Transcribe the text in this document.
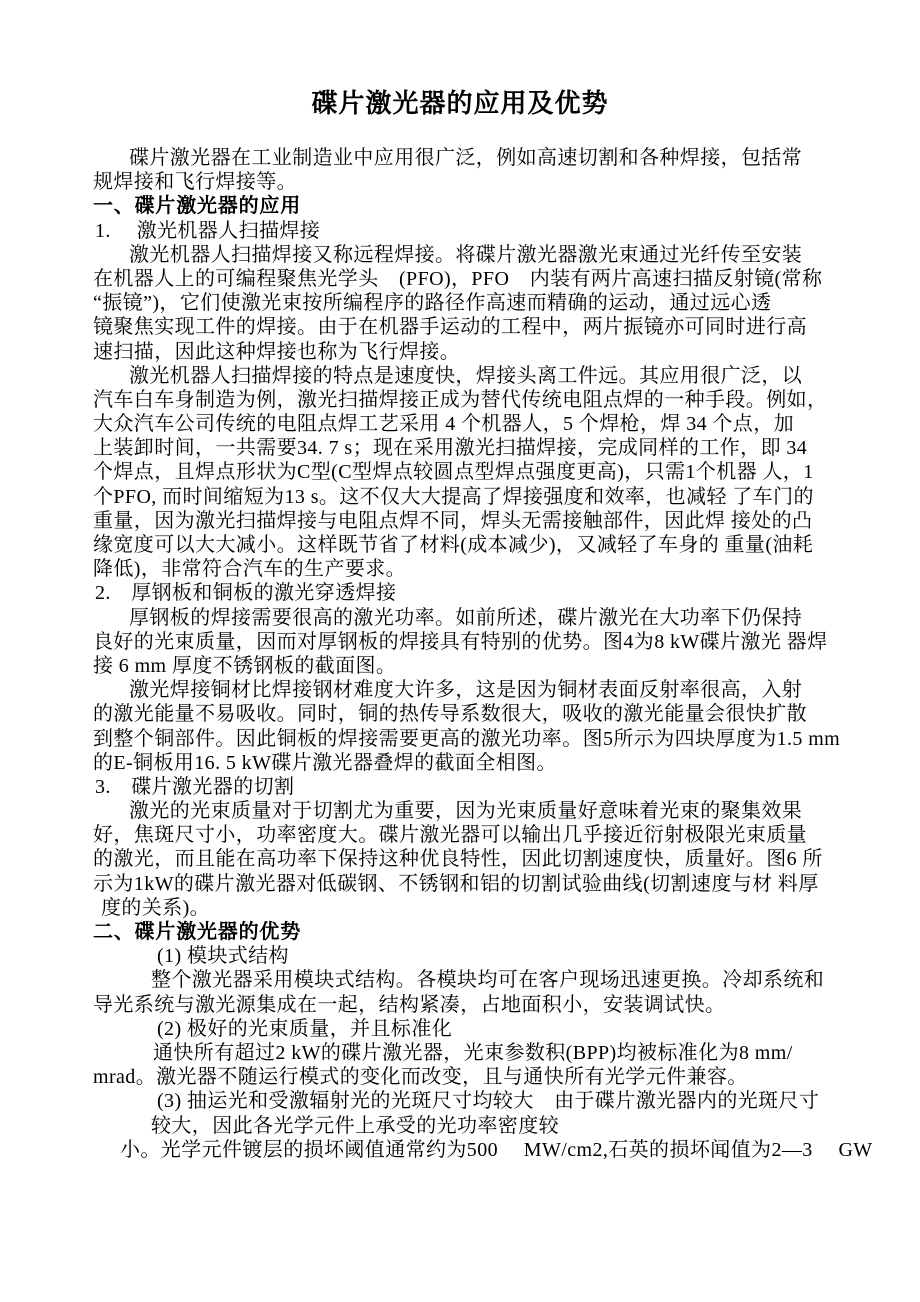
碟片激光器的应用及优势
碟片激光器在工业制造业中应用很广泛，例如高速切割和各种焊接，包括常
规焊接和飞行焊接等。
一、碟片激光器的应用
1.　 激光机器人扫描焊接
激光机器人扫描焊接又称远程焊接。将碟片激光器激光束通过光纤传至安装
在机器人上的可编程聚焦光学头　(PFO)，PFO　内装有两片高速扫描反射镜(常称
“振镜”)，它们使激光束按所编程序的路径作高速而精确的运动，通过远心透
镜聚焦实现工件的焊接。由于在机器手运动的工程中，两片振镜亦可同时进行高
速扫描，因此这种焊接也称为飞行焊接。
激光机器人扫描焊接的特点是速度快，焊接头离工件远。其应用很广泛，以
汽车白车身制造为例，激光扫描焊接正成为替代传统电阻点焊的一种手段。例如，
大众汽车公司传统的电阻点焊工艺采用 4 个机器人，5 个焊枪，焊 34 个点，加
上装卸时间，一共需要34. 7 s；现在采用激光扫描焊接，完成同样的工作，即 34
个焊点，且焊点形状为C型(C型焊点较圆点型焊点强度更高)，只需1个机器 人，1
个PFO, 而时间缩短为13 s。这不仅大大提高了焊接强度和效率，也减轻 了车门的
重量，因为激光扫描焊接与电阻点焊不同，焊头无需接触部件，因此焊 接处的凸
缘宽度可以大大减小。这样既节省了材料(成本减少)，又减轻了车身的 重量(油耗
降低)，非常符合汽车的生产要求。
2.　厚钢板和铜板的激光穿透焊接
厚钢板的焊接需要很高的激光功率。如前所述，碟片激光在大功率下仍保持
良好的光束质量，因而对厚钢板的焊接具有特别的优势。图4为8 kW碟片激光 器焊
接 6 mm 厚度不锈钢板的截面图。
激光焊接铜材比焊接钢材难度大许多，这是因为铜材表面反射率很高，入射
的激光能量不易吸收。同时，铜的热传导系数很大，吸收的激光能量会很快扩散
到整个铜部件。因此铜板的焊接需要更高的激光功率。图5所示为四块厚度为1.5 mm
的E-铜板用16. 5 kW碟片激光器叠焊的截面全相图。
3.　碟片激光器的切割
激光的光束质量对于切割尤为重要，因为光束质量好意味着光束的聚集效果
好，焦斑尺寸小，功率密度大。碟片激光器可以输出几乎接近衍射极限光束质量
的激光，而且能在高功率下保持这种优良特性，因此切割速度快，质量好。图6 所
示为1kW的碟片激光器对低碳钢、不锈钢和铝的切割试验曲线(切割速度与材 料厚
度的关系)。
二、碟片激光器的优势
(1) 模块式结构
整个激光器采用模块式结构。各模块均可在客户现场迅速更换。冷却系统和
导光系统与激光源集成在一起，结构紧凑，占地面积小，安装调试快。
(2) 极好的光束质量，并且标准化
通快所有超过2 kW的碟片激光器，光束参数积(BPP)均被标准化为8 mm/
mrad。激光器不随运行模式的变化而改变，且与通快所有光学元件兼容。
(3) 抽运光和受激辐射光的光斑尺寸均较大　由于碟片激光器内的光斑尺寸
较大，因此各光学元件上承受的光功率密度较
小。光学元件镀层的损坏阈值通常约为500　 MW/cm2,石英的损坏闻值为2—3　 GW
